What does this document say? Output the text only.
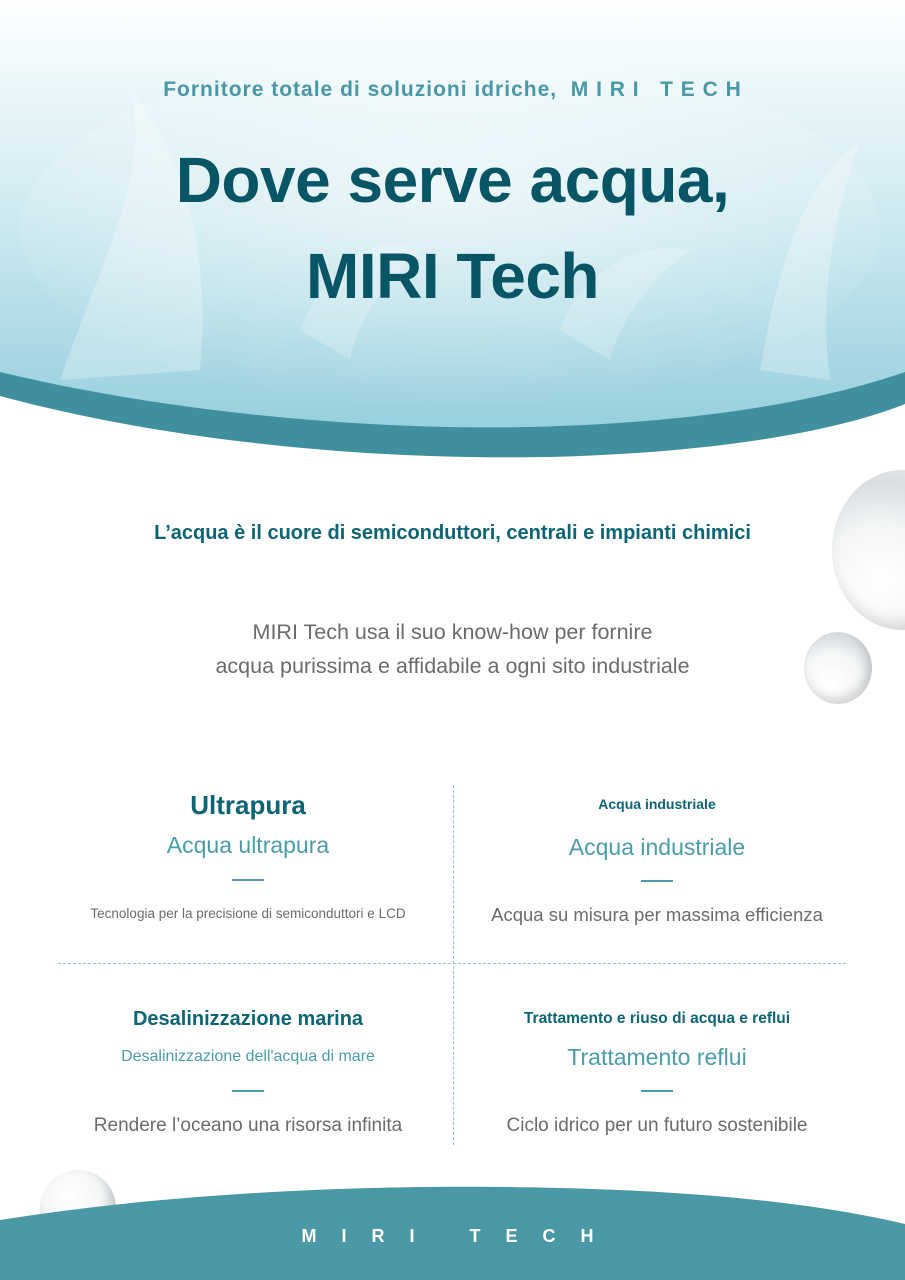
Fornitore totale di soluzioni idriche,  M I R I   T E C H
Dove serve acqua,
MIRI Tech
L’acqua è il cuore di semiconduttori, centrali e impianti chimici
MIRI Tech usa il suo know-how per fornire
acqua purissima e affidabile a ogni sito industriale
Ultrapura
Acqua ultrapura
Tecnologia per la precisione di semiconduttori e LCD
Acqua industriale
Acqua industriale
Acqua su misura per massima efficienza
Desalinizzazione marina
Desalinizzazione dell'acqua di mare
Rendere l’oceano una risorsa infinita
Trattamento e riuso di acqua e reflui
Trattamento reflui
Ciclo idrico per un futuro sostenibile
M I R I   T E C H
